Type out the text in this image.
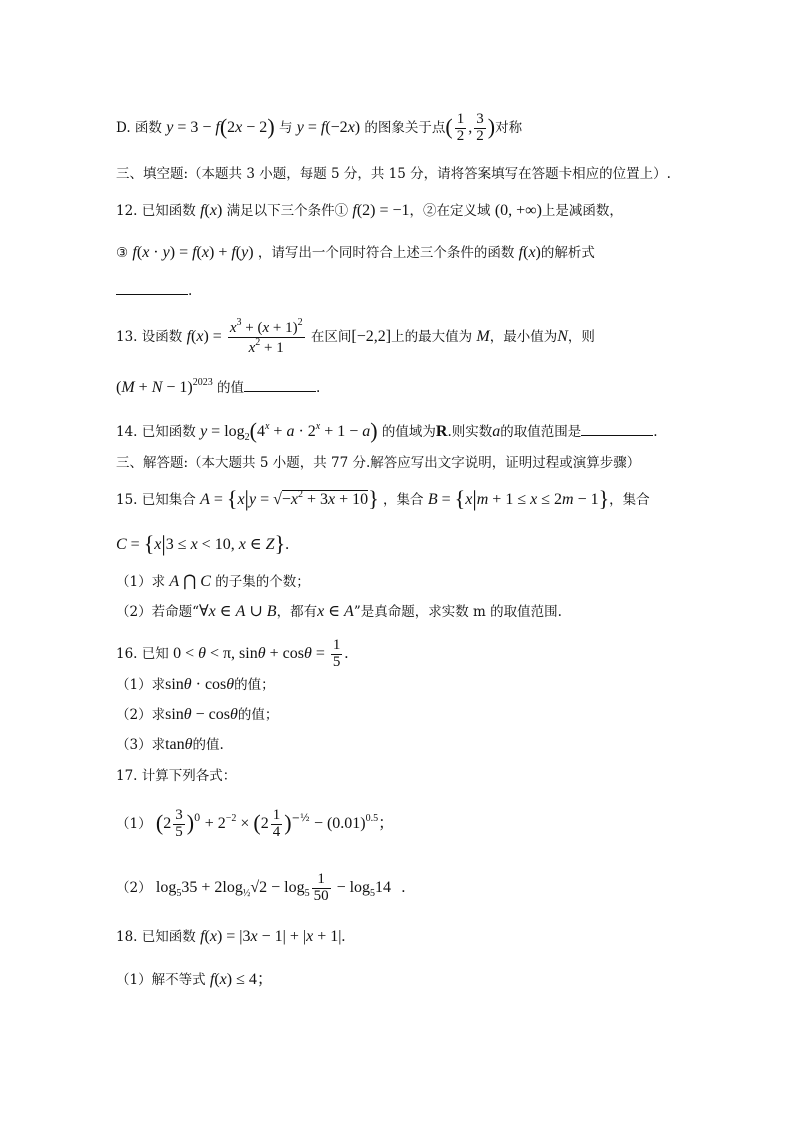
D. 函数 y = 3 − f(2x − 2) 与 y = f(−2x) 的图象关于点( $\frac{1}{2}$ , $\frac{3}{2}$ )对称
三、填空题:（本题共 3 小题，每题 5 分，共 15 分，请将答案填写在答题卡相应的位置上）.
12. 已知函数 f(x) 满足以下三个条件① f(2) = −1，②在定义域 (0, +∞)上是减函数，
③ f(x · y) = f(x) + f(y) ，请写出一个同时符合上述三个条件的函数 f(x)的解析式
.
13. 设函数 $f(x) = \frac{x^3 + (x + 1)^2}{x^2 + 1}$ 在区间[−2,2]上的最大值为 M，最小值为N，则
$(M + N - 1)^{2023}$ 的值	.
14. 已知函数 $y = \log_2(4^x + a \cdot 2^x + 1 - a)$ 的值域为R.则实数a的取值范围是	.
三、解答题:（本大题共 5 小题，共 77 分.解答应写出文字说明，证明过程或演算步骤）
15. 已知集合 $A = \{x|y = √-x^2 + 3x + 10\}$ ，集合 B = {x|m + 1 ≤ x ≤ 2m − 1}，集合
C = {x|3 ≤ x < 10, x ∈ Z}.
（1）求 A ⋂ C 的子集的个数；
（2）若命题“∀x ∈ A ∪ B，都有x ∈ A”是真命题，求实数 m 的取值范围.
16. 已知 0 < θ < π, $\sin\theta + \cos\theta = \frac{1}{5}$ .
（1）求sinθ · cosθ的值；
（2）求sinθ − cosθ的值；
（3）求tanθ的值.
17. 计算下列各式：
（1） $(2 \frac{3}{5} )^0 + 2^{-2} \times (2 \frac{1}{4} )^{-\frac{1}{2}} - (0.01)^{0.5}$；
（2） $\log_535 + 2\log_{\frac{1}{2}}√2 - \log_5 \frac{1}{50} - \log_514$ .
18. 已知函数 f(x) = |3x − 1| + |x + 1|.
（1）解不等式 f(x) ≤ 4；
